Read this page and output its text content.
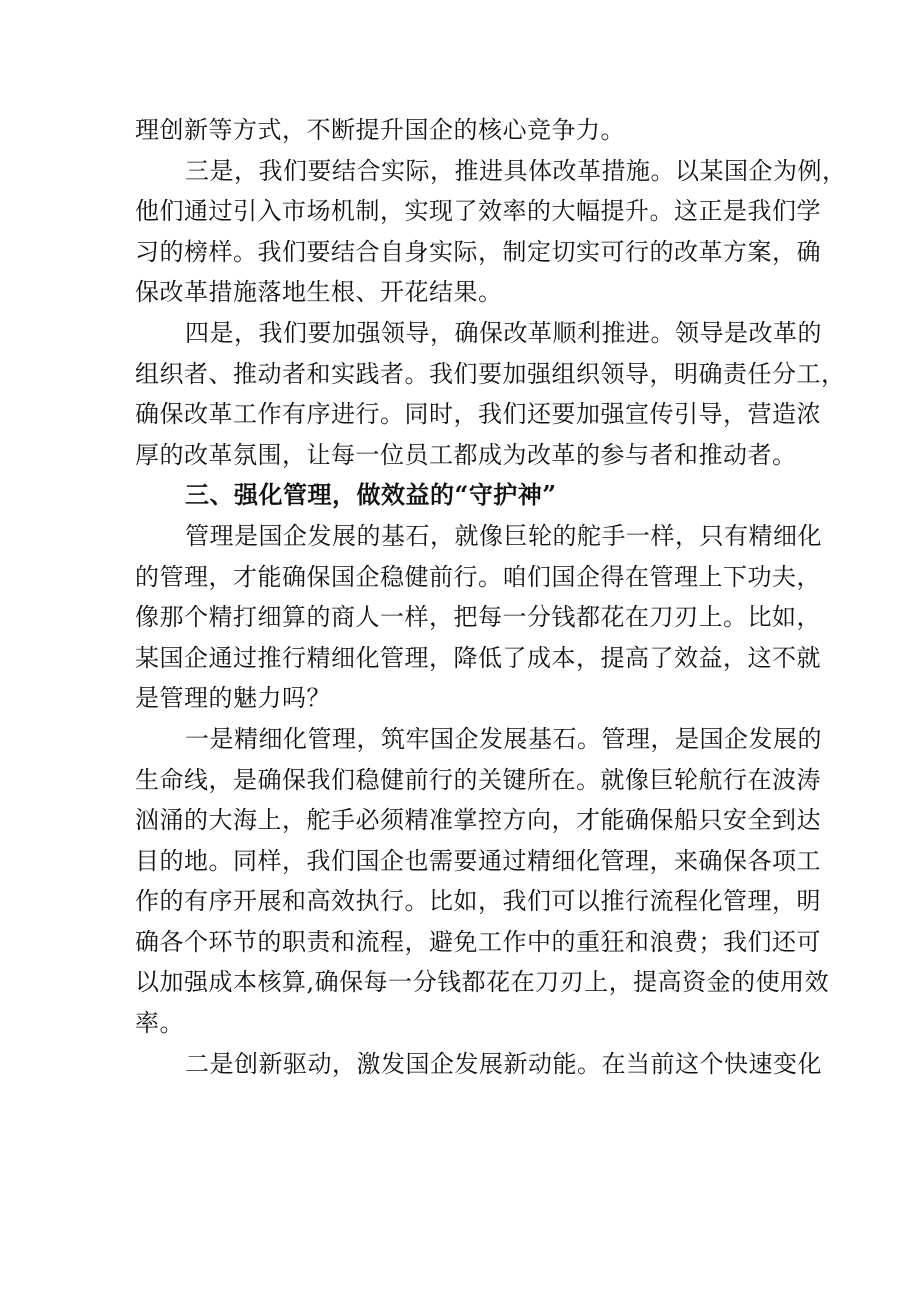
理创新等方式，不断提升国企的核心竞争力。
三是，我们要结合实际，推进具体改革措施。以某国企为例，
他们通过引入市场机制，实现了效率的大幅提升。这正是我们学
习的榜样。我们要结合自身实际，制定切实可行的改革方案，确
保改革措施落地生根、开花结果。
四是，我们要加强领导，确保改革顺利推进。领导是改革的
组织者、推动者和实践者。我们要加强组织领导，明确责任分工，
确保改革工作有序进行。同时，我们还要加强宣传引导，营造浓
厚的改革氛围，让每一位员工都成为改革的参与者和推动者。
三、强化管理，做效益的“守护神”
管理是国企发展的基石，就像巨轮的舵手一样，只有精细化
的管理，才能确保国企稳健前行。咱们国企得在管理上下功夫，
像那个精打细算的商人一样，把每一分钱都花在刀刃上。比如，
某国企通过推行精细化管理，降低了成本，提高了效益，这不就
是管理的魅力吗？
一是精细化管理，筑牢国企发展基石。管理，是国企发展的
生命线，是确保我们稳健前行的关键所在。就像巨轮航行在波涛
汹涌的大海上，舵手必须精准掌控方向，才能确保船只安全到达
目的地。同样，我们国企也需要通过精细化管理，来确保各项工
作的有序开展和高效执行。比如，我们可以推行流程化管理，明
确各个环节的职责和流程，避免工作中的重狂和浪费；我们还可
以加强成本核算,确保每一分钱都花在刀刃上，提高资金的使用效
率。
二是创新驱动，激发国企发展新动能。在当前这个快速变化
